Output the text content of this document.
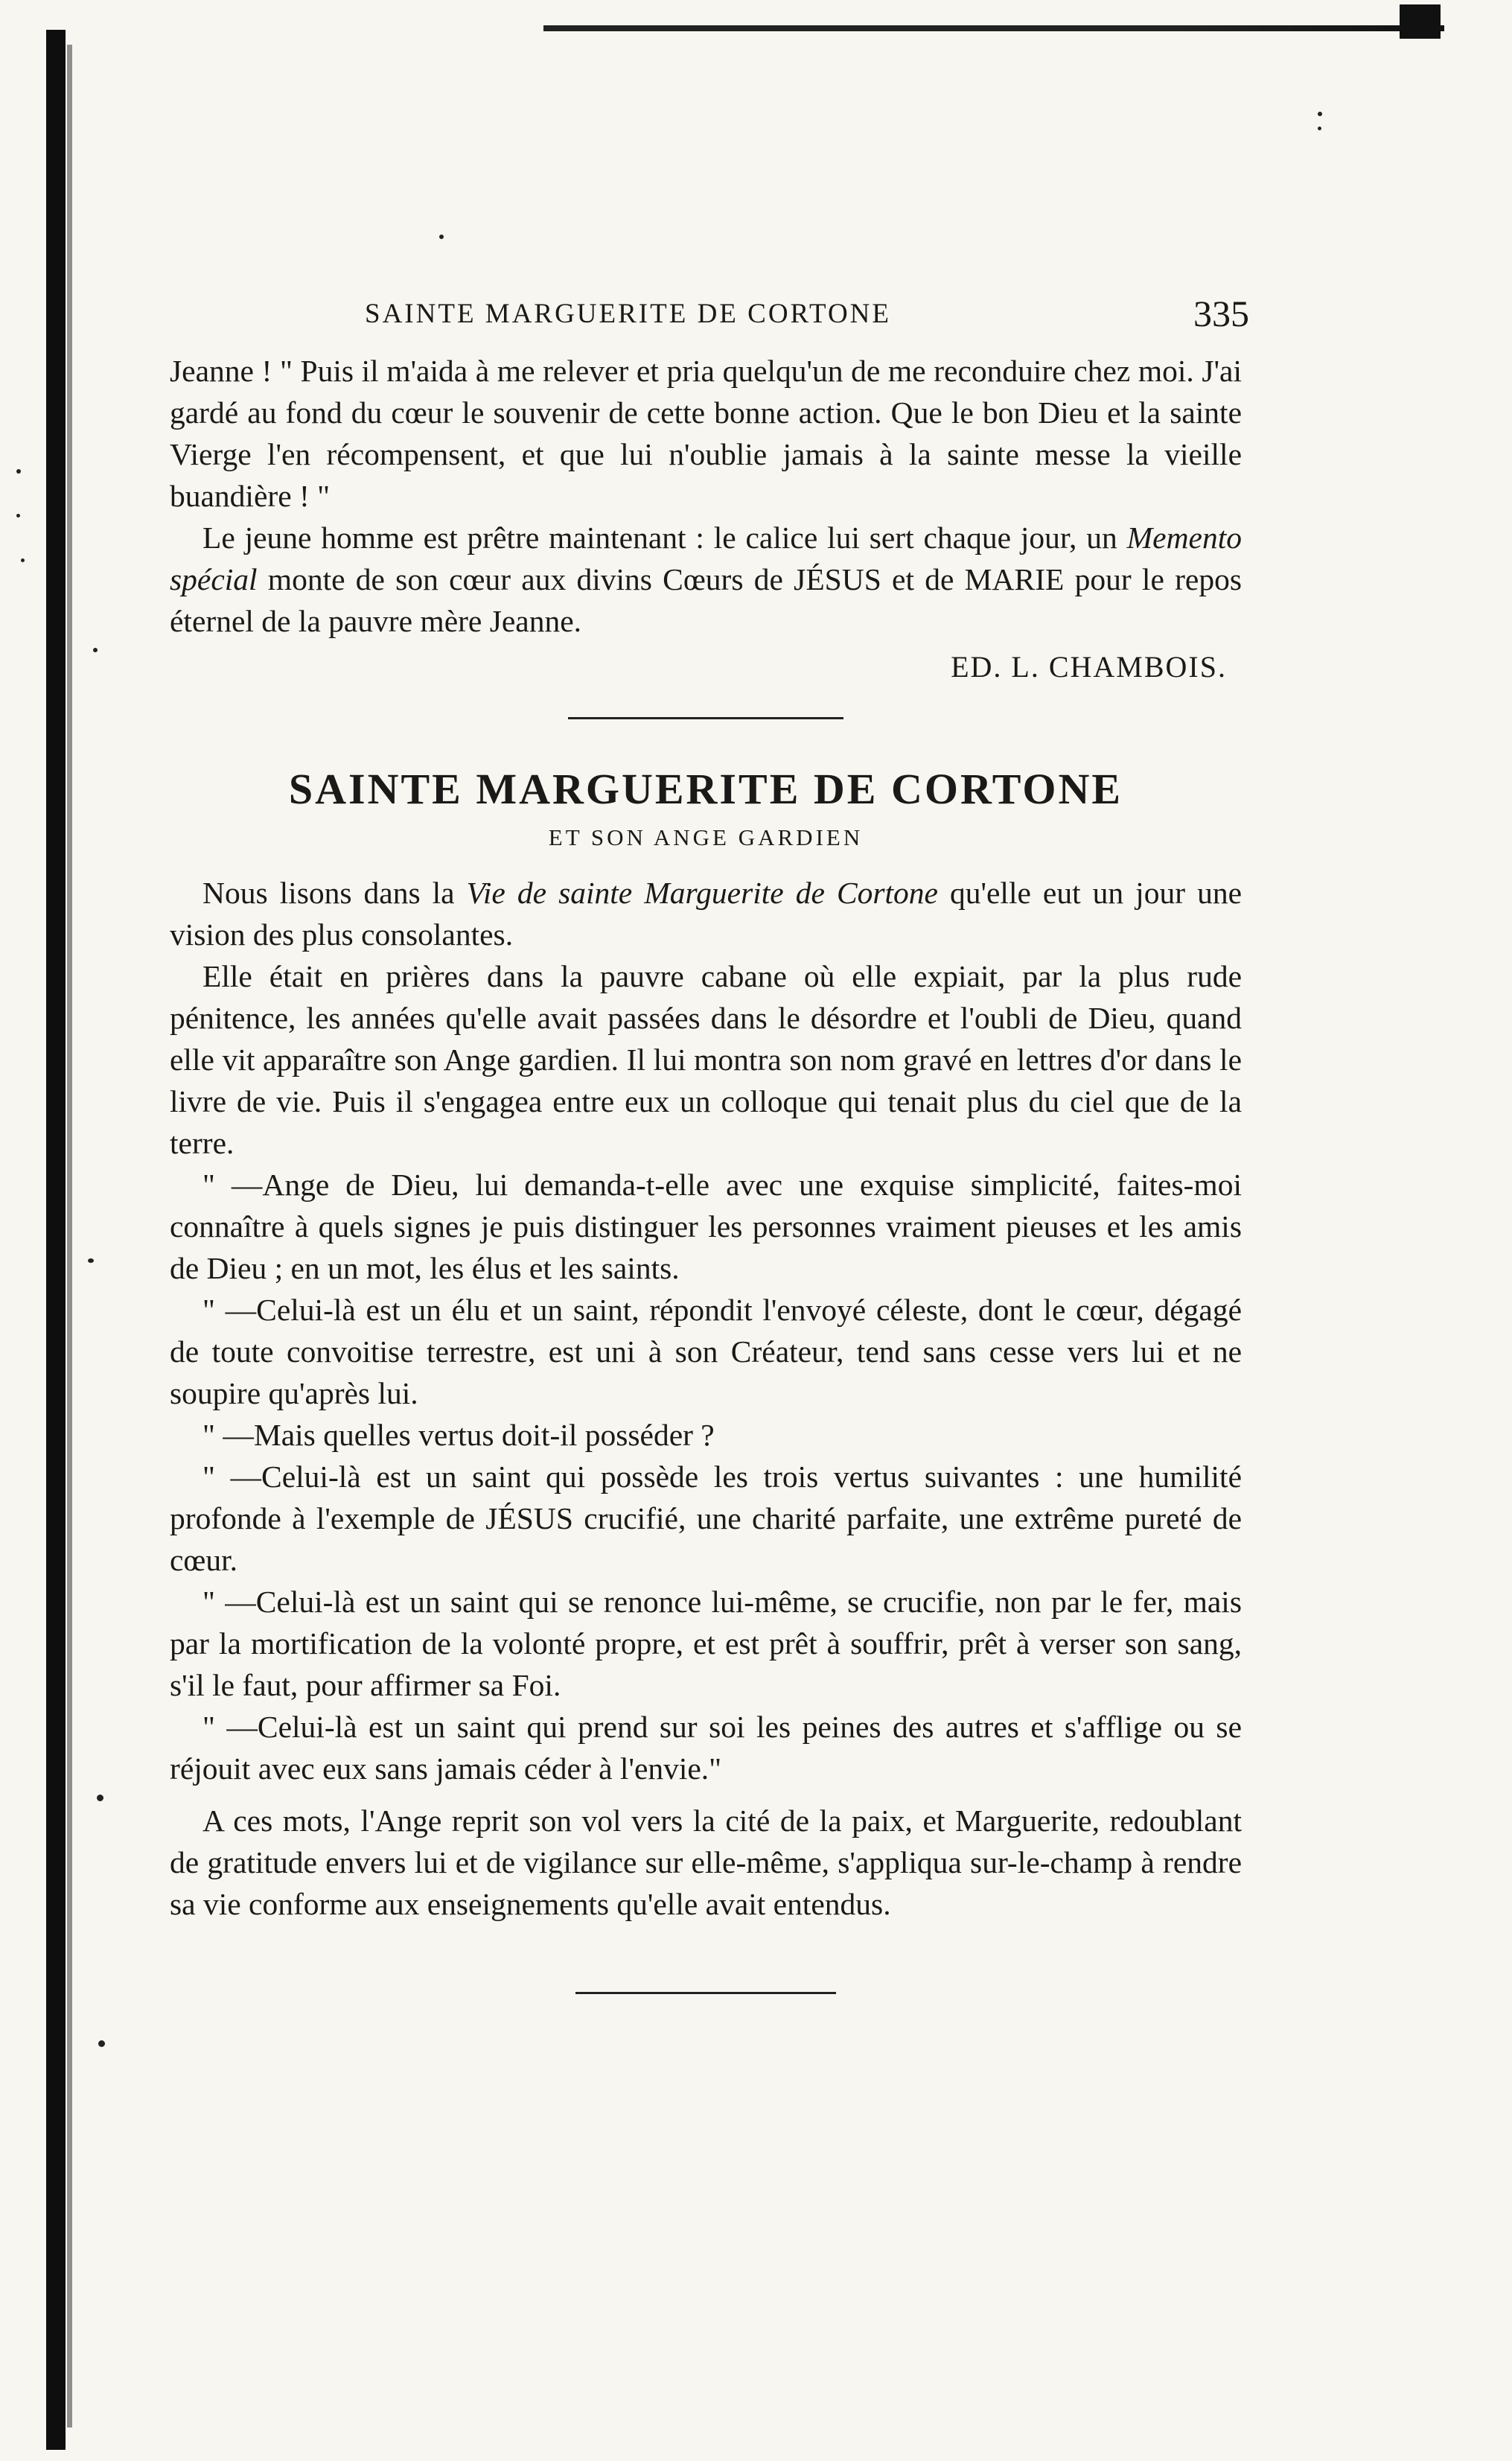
SAINTE MARGUERITE DE CORTONE	335

Jeanne ! " Puis il m'aida à me relever et pria quelqu'un de me reconduire chez moi. J'ai gardé au fond du cœur le souvenir de cette bonne action. Que le bon Dieu et la sainte Vierge l'en récompensent, et que lui n'oublie jamais à la sainte messe la vieille buandière ! "

Le jeune homme est prêtre maintenant : le calice lui sert chaque jour, un Memento spécial monte de son cœur aux divins Cœurs de JÉSUS et de MARIE pour le repos éternel de la pauvre mère Jeanne.

ED. L. CHAMBOIS.
SAINTE MARGUERITE DE CORTONE
ET SON ANGE GARDIEN

Nous lisons dans la Vie de sainte Marguerite de Cortone qu'elle eut un jour une vision des plus consolantes.

Elle était en prières dans la pauvre cabane où elle expiait, par la plus rude pénitence, les années qu'elle avait passées dans le désordre et l'oubli de Dieu, quand elle vit apparaître son Ange gardien. Il lui montra son nom gravé en lettres d'or dans le livre de vie. Puis il s'engagea entre eux un colloque qui tenait plus du ciel que de la terre.

" —Ange de Dieu, lui demanda-t-elle avec une exquise simplicité, faites-moi connaître à quels signes je puis distinguer les personnes vraiment pieuses et les amis de Dieu ; en un mot, les élus et les saints.

" —Celui-là est un élu et un saint, répondit l'envoyé céleste, dont le cœur, dégagé de toute convoitise terrestre, est uni à son Créateur, tend sans cesse vers lui et ne soupire qu'après lui.

" —Mais quelles vertus doit-il posséder ?

" —Celui-là est un saint qui possède les trois vertus suivantes : une humilité profonde à l'exemple de JÉSUS crucifié, une charité parfaite, une extrême pureté de cœur.

" —Celui-là est un saint qui se renonce lui-même, se crucifie, non par le fer, mais par la mortification de la volonté propre, et est prêt à souffrir, prêt à verser son sang, s'il le faut, pour affirmer sa Foi.

" —Celui-là est un saint qui prend sur soi les peines des autres et s'afflige ou se réjouit avec eux sans jamais céder à l'envie."

A ces mots, l'Ange reprit son vol vers la cité de la paix, et Marguerite, redoublant de gratitude envers lui et de vigilance sur elle-même, s'appliqua sur-le-champ à rendre sa vie conforme aux enseignements qu'elle avait entendus.
